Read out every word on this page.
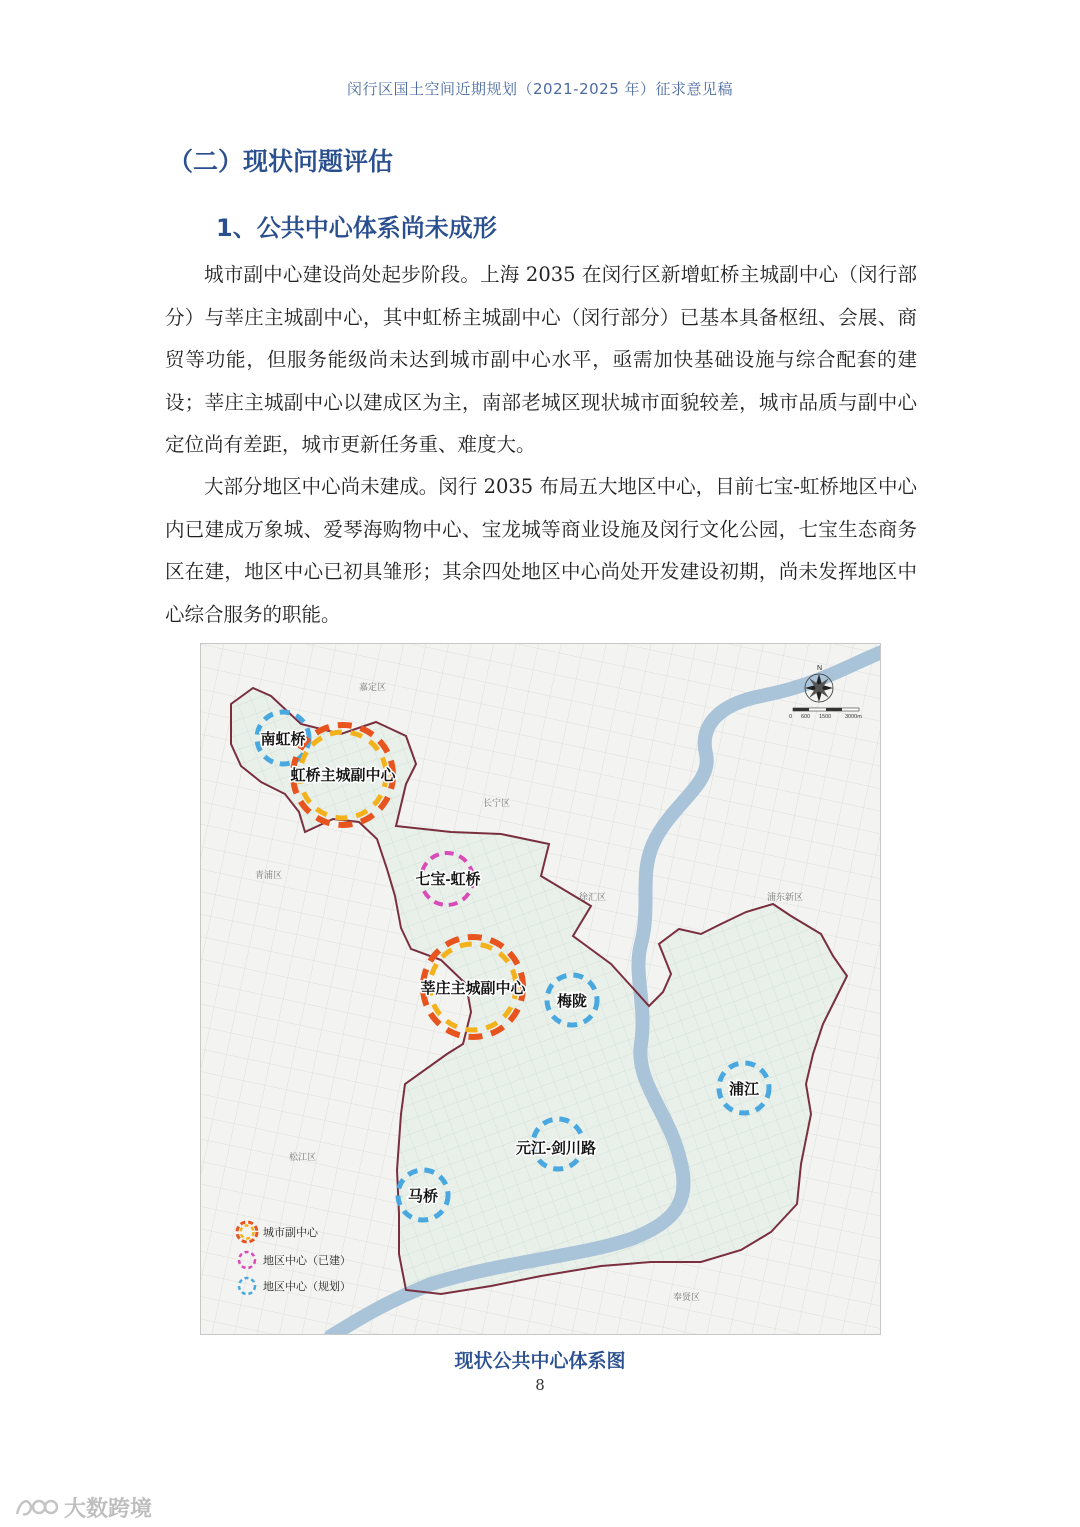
闵行区国土空间近期规划（2021-2025 年）征求意见稿
（二）现状问题评估
1、公共中心体系尚未成形

城市副中心建设尚处起步阶段。上海 2035 在闵行区新增虹桥主城副中心（闵行部分）与莘庄主城副中心，其中虹桥主城副中心（闵行部分）已基本具备枢纽、会展、商贸等功能，但服务能级尚未达到城市副中心水平，亟需加快基础设施与综合配套的建设；莘庄主城副中心以建成区为主，南部老城区现状城市面貌较差，城市品质与副中心定位尚有差距，城市更新任务重、难度大。

大部分地区中心尚未建成。闵行 2035 布局五大地区中心，目前七宝-虹桥地区中心内已建成万象城、爱琴海购物中心、宝龙城等商业设施及闵行文化公园，七宝生态商务区在建，地区中心已初具雏形；其余四处地区中心尚处开发建设初期，尚未发挥地区中心综合服务的职能。

嘉定区
长宁区
青浦区
徐汇区	浦东新区
松江区
奉贤区
N
0 600 1500	3000m
南虹桥
虹桥主城副中心
七宝-虹桥
莘庄主城副中心
梅陇
浦江
元江-剑川路
马桥
城市副中心
地区中心（已建）
地区中心（规划）
现状公共中心体系图
8
大数跨境
